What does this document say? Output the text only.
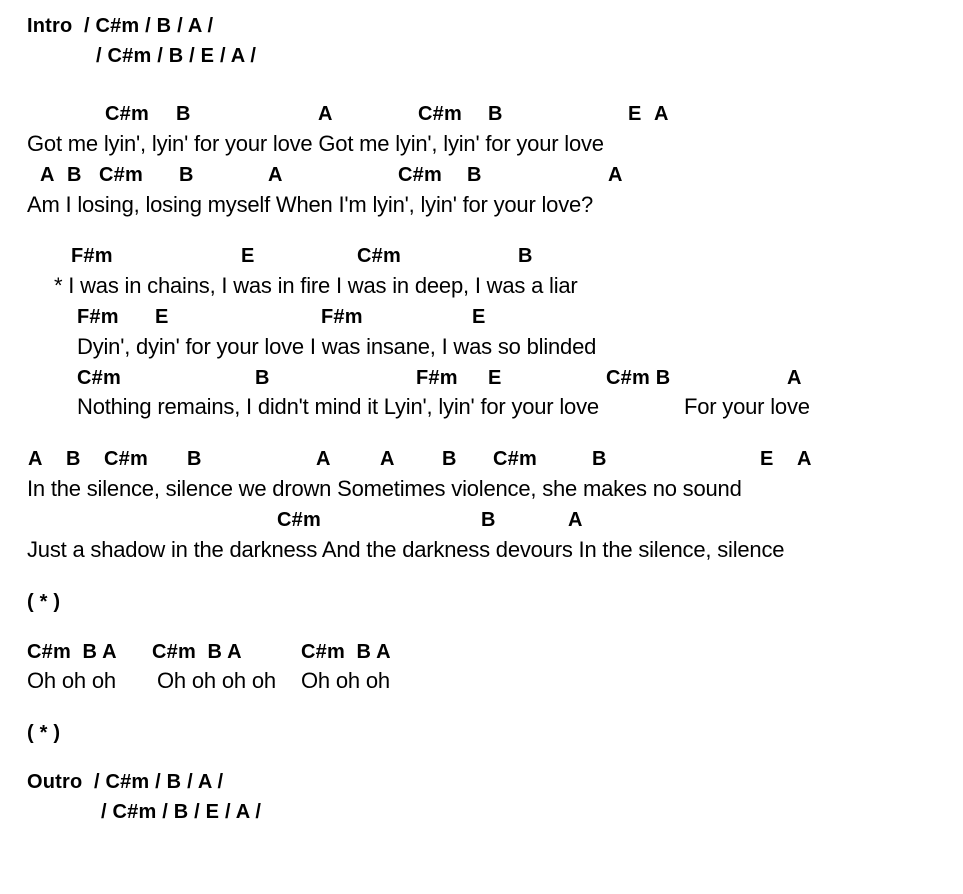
Intro  / C#m / B / A /
/ C#m / B / E / A /
C#m B	A	C#m B	E A
Got me lyin', lyin' for your love Got me lyin', lyin' for your love
A B C#m B	A	C#m B	A
Am I losing, losing myself When I'm lyin', lyin' for your love?
F#m	E	C#m	B
* I was in chains, I was in fire I was in deep, I was a liar
F#m E	F#m	E
Dyin', dyin' for your love I was insane, I was so blinded
C#m	B	F#m E	C#m B	A
Nothing remains, I didn't mind it Lyin', lyin' for your love	For your love
A B C#m B	A A B C#m	B	E A
In the silence, silence we drown Sometimes violence, she makes no sound
C#m	B	A
Just a shadow in the darkness And the darkness devours In the silence, silence
( * )
C#m  B A C#m  B A	C#m  B A
Oh oh oh Oh oh oh oh Oh oh oh
( * )
Outro  / C#m / B / A /
/ C#m / B / E / A /
